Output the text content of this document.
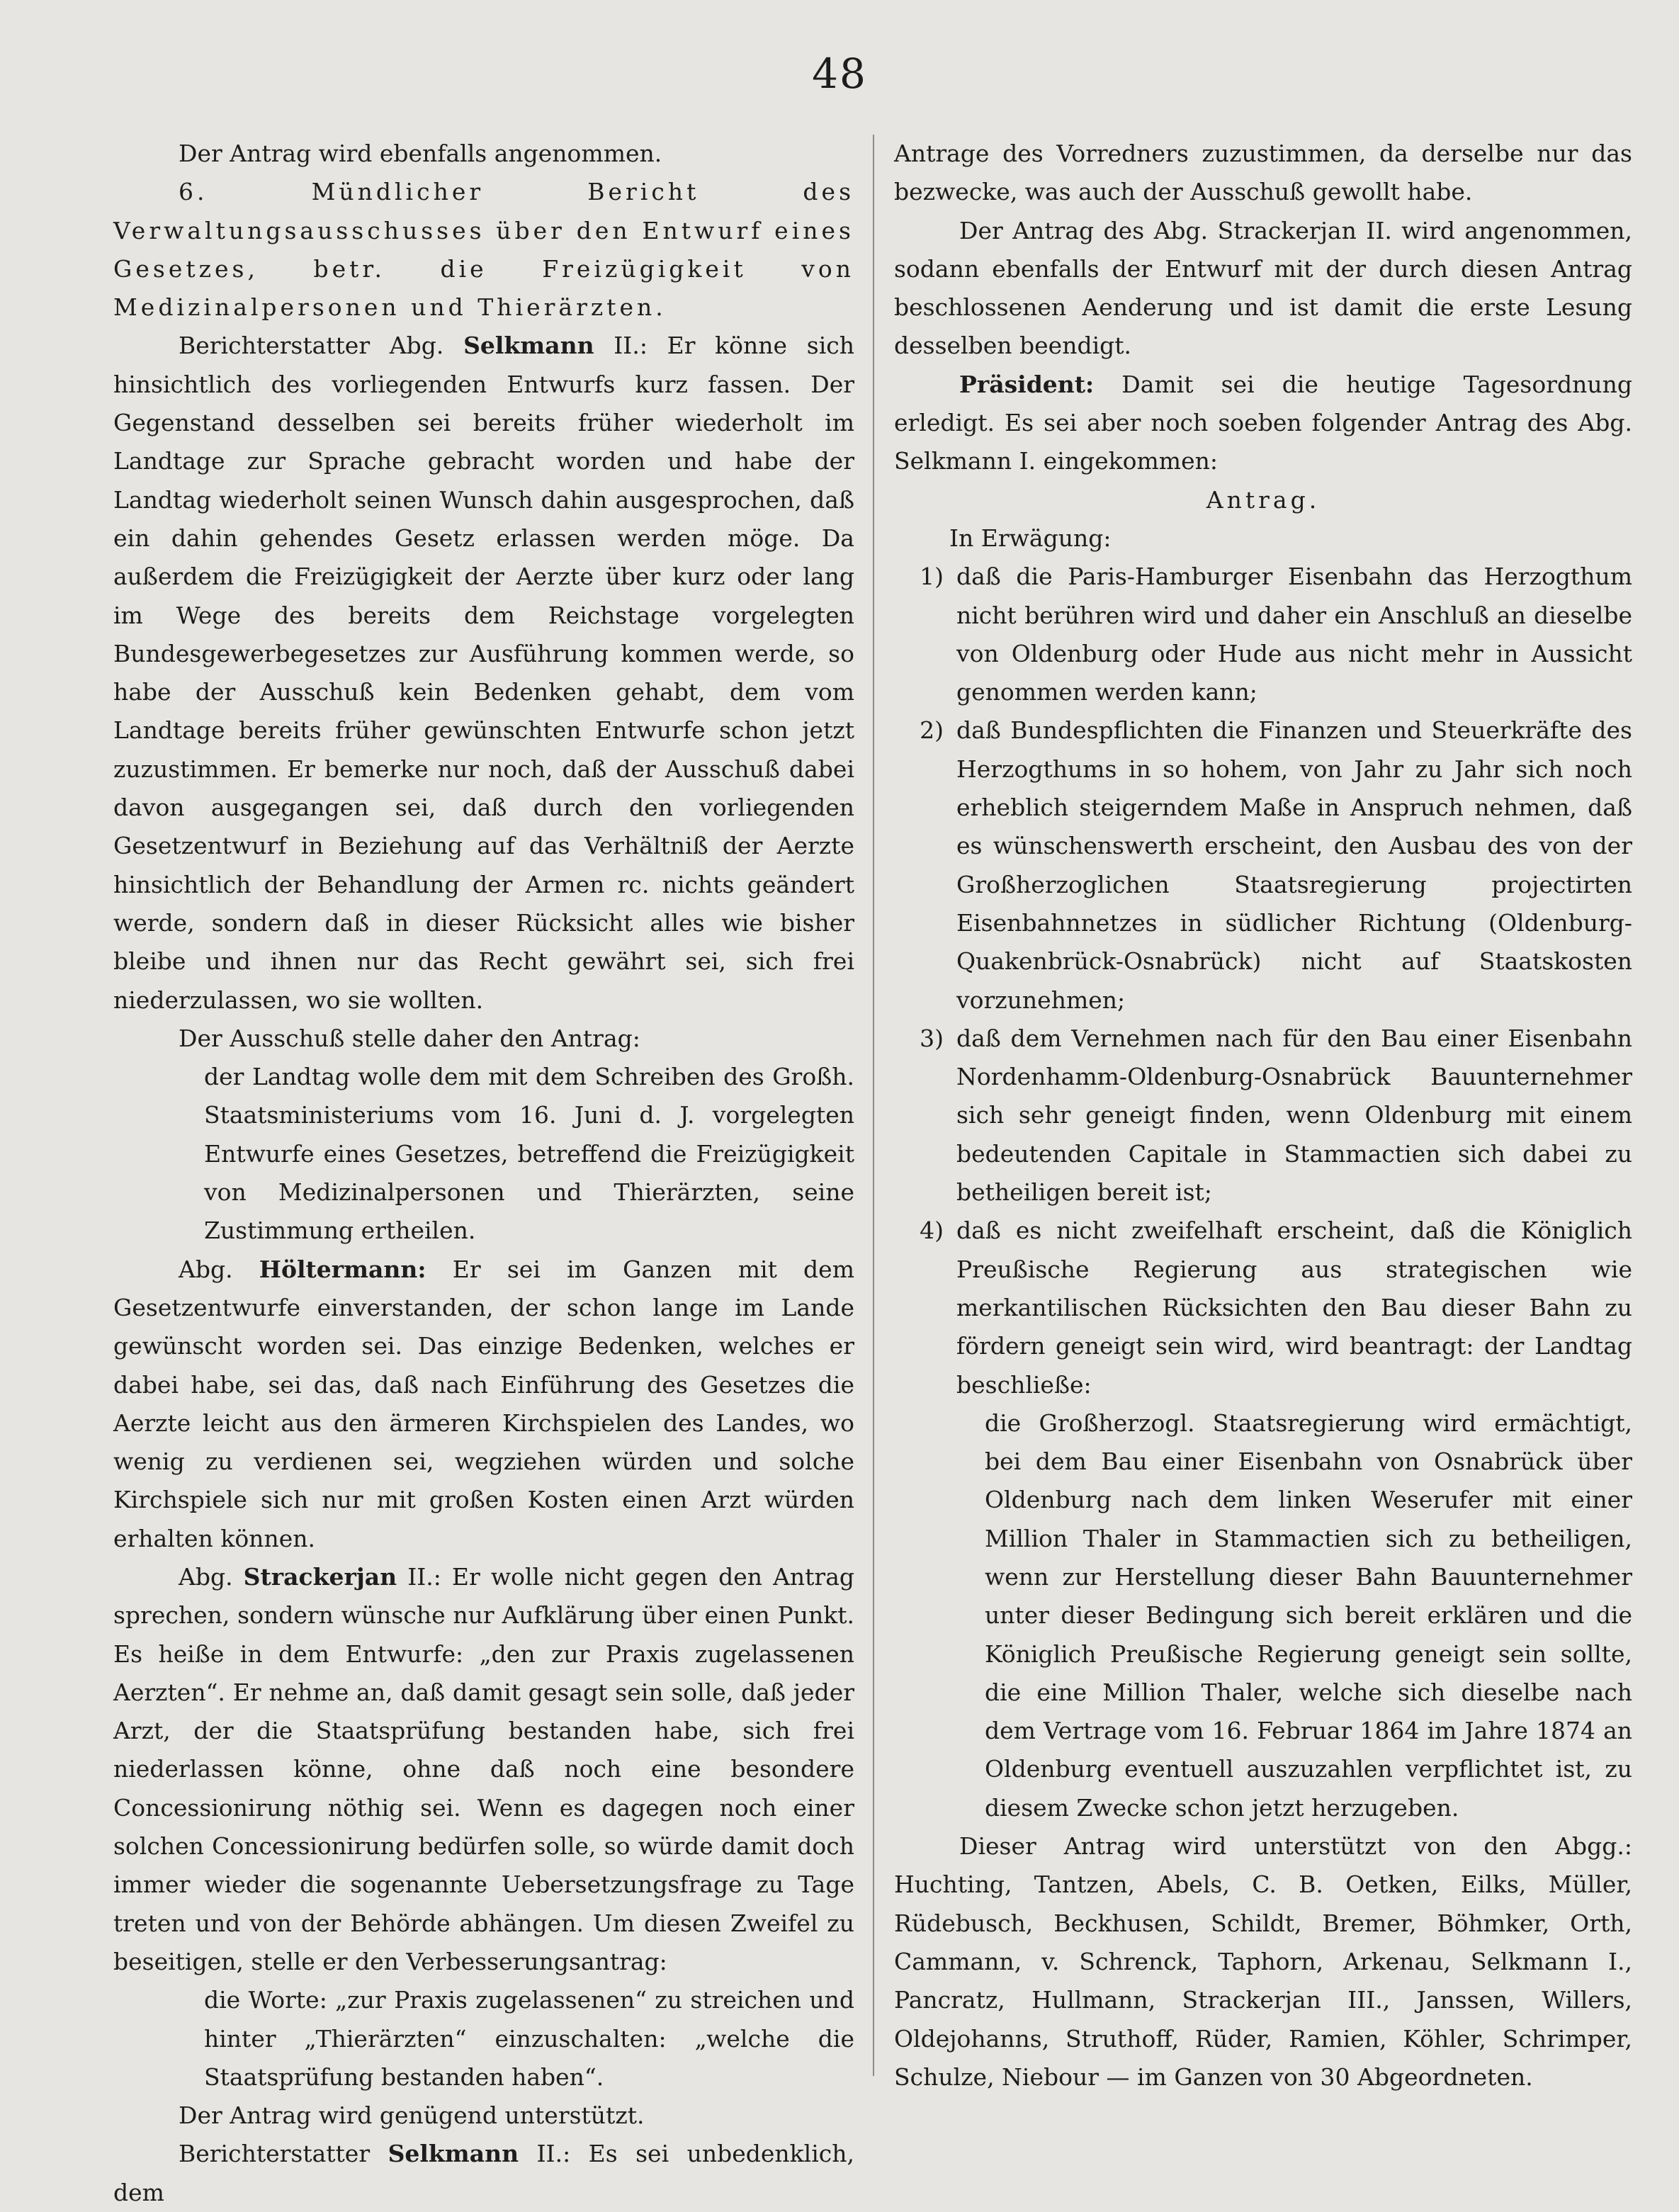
48

Der Antrag wird ebenfalls angenommen.

6. Mündlicher Bericht des Verwaltungsausschusses über den Entwurf eines Gesetzes, betr. die Freizügigkeit von Medizinalpersonen und Thierärzten.

Berichterstatter Abg. Selkmann II.: Er könne sich hinsichtlich des vorliegenden Entwurfs kurz fassen. Der Gegenstand desselben sei bereits früher wiederholt im Landtage zur Sprache gebracht worden und habe der Landtag wiederholt seinen Wunsch dahin ausgesprochen, daß ein dahin gehendes Gesetz erlassen werden möge. Da außerdem die Freizügigkeit der Aerzte über kurz oder lang im Wege des bereits dem Reichstage vorgelegten Bundesgewerbegesetzes zur Ausführung kommen werde, so habe der Ausschuß kein Bedenken gehabt, dem vom Landtage bereits früher gewünschten Entwurfe schon jetzt zuzustimmen. Er bemerke nur noch, daß der Ausschuß dabei davon ausgegangen sei, daß durch den vorliegenden Gesetzentwurf in Beziehung auf das Verhältniß der Aerzte hinsichtlich der Behandlung der Armen rc. nichts geändert werde, sondern daß in dieser Rücksicht alles wie bisher bleibe und ihnen nur das Recht gewährt sei, sich frei niederzulassen, wo sie wollten.

Der Ausschuß stelle daher den Antrag:

der Landtag wolle dem mit dem Schreiben des Großh. Staatsministeriums vom 16. Juni d. J. vorgelegten Entwurfe eines Gesetzes, betreffend die Freizügigkeit von Medizinalpersonen und Thierärzten, seine Zustimmung ertheilen.

Abg. Höltermann: Er sei im Ganzen mit dem Gesetzentwurfe einverstanden, der schon lange im Lande gewünscht worden sei. Das einzige Bedenken, welches er dabei habe, sei das, daß nach Einführung des Gesetzes die Aerzte leicht aus den ärmeren Kirchspielen des Landes, wo wenig zu verdienen sei, wegziehen würden und solche Kirchspiele sich nur mit großen Kosten einen Arzt würden erhalten können.

Abg. Strackerjan II.: Er wolle nicht gegen den Antrag sprechen, sondern wünsche nur Aufklärung über einen Punkt. Es heiße in dem Entwurfe: „den zur Praxis zugelassenen Aerzten“. Er nehme an, daß damit gesagt sein solle, daß jeder Arzt, der die Staatsprüfung bestanden habe, sich frei niederlassen könne, ohne daß noch eine besondere Concessionirung nöthig sei. Wenn es dagegen noch einer solchen Concessionirung bedürfen solle, so würde damit doch immer wieder die sogenannte Uebersetzungsfrage zu Tage treten und von der Behörde abhängen. Um diesen Zweifel zu beseitigen, stelle er den Verbesserungsantrag:

die Worte: „zur Praxis zugelassenen“ zu streichen und hinter „Thierärzten“ einzuschalten: „welche die Staatsprüfung bestanden haben“.

Der Antrag wird genügend unterstützt.

Berichterstatter Selkmann II.: Es sei unbedenklich, dem

Antrage des Vorredners zuzustimmen, da derselbe nur das bezwecke, was auch der Ausschuß gewollt habe.

Der Antrag des Abg. Strackerjan II. wird angenommen, sodann ebenfalls der Entwurf mit der durch diesen Antrag beschlossenen Aenderung und ist damit die erste Lesung desselben beendigt.

Präsident: Damit sei die heutige Tagesordnung erledigt. Es sei aber noch soeben folgender Antrag des Abg. Selkmann I. eingekommen:

Antrag.

In Erwägung:

1) daß die Paris-Hamburger Eisenbahn das Herzogthum nicht berühren wird und daher ein Anschluß an dieselbe von Oldenburg oder Hude aus nicht mehr in Aussicht genommen werden kann;
2) daß Bundespflichten die Finanzen und Steuerkräfte des Herzogthums in so hohem, von Jahr zu Jahr sich noch erheblich steigerndem Maße in Anspruch nehmen, daß es wünschenswerth erscheint, den Ausbau des von der Großherzoglichen Staatsregierung projectirten Eisenbahnnetzes in südlicher Richtung (Oldenburg-Quakenbrück-Osnabrück) nicht auf Staatskosten vorzunehmen;
3) daß dem Vernehmen nach für den Bau einer Eisenbahn Nordenhamm-Oldenburg-Osnabrück Bauunternehmer sich sehr geneigt finden, wenn Oldenburg mit einem bedeutenden Capitale in Stammactien sich dabei zu betheiligen bereit ist;
4) daß es nicht zweifelhaft erscheint, daß die Königlich Preußische Regierung aus strategischen wie merkantilischen Rücksichten den Bau dieser Bahn zu fördern geneigt sein wird, wird beantragt: der Landtag beschließe:

die Großherzogl. Staatsregierung wird ermächtigt, bei dem Bau einer Eisenbahn von Osnabrück über Oldenburg nach dem linken Weserufer mit einer Million Thaler in Stammactien sich zu betheiligen, wenn zur Herstellung dieser Bahn Bauunternehmer unter dieser Bedingung sich bereit erklären und die Königlich Preußische Regierung geneigt sein sollte, die eine Million Thaler, welche sich dieselbe nach dem Vertrage vom 16. Februar 1864 im Jahre 1874 an Oldenburg eventuell auszuzahlen verpflichtet ist, zu diesem Zwecke schon jetzt herzugeben.

Dieser Antrag wird unterstützt von den Abgg.: Huchting, Tantzen, Abels, C. B. Oetken, Eilks, Müller, Rüdebusch, Beckhusen, Schildt, Bremer, Böhmker, Orth, Cammann, v. Schrenck, Taphorn, Arkenau, Selkmann I., Pancratz, Hullmann, Strackerjan III., Janssen, Willers, Oldejohanns, Struthoff, Rüder, Ramien, Köhler, Schrimper, Schulze, Niebour — im Ganzen von 30 Abgeordneten.
